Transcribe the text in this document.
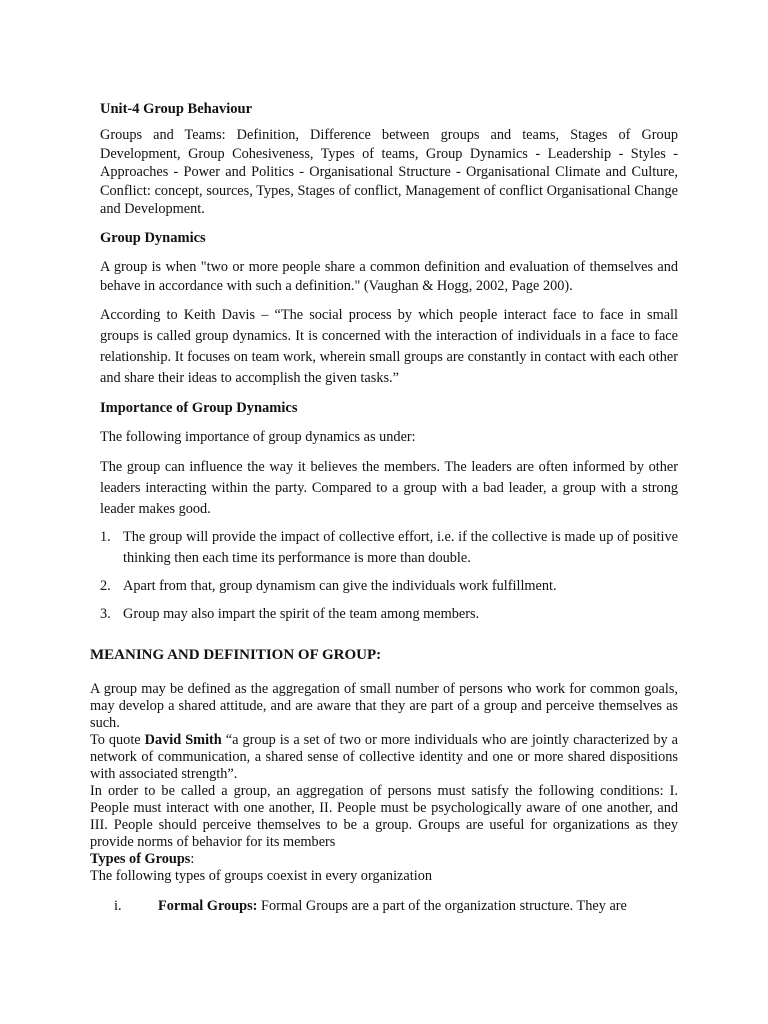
Unit-4 Group Behaviour

Groups and Teams: Definition, Difference between groups and teams, Stages of Group Development, Group Cohesiveness, Types of teams, Group Dynamics - Leadership - Styles - Approaches - Power and Politics - Organisational Structure - Organisational Climate and Culture, Conflict: concept, sources, Types, Stages of conflict, Management of conflict Organisational Change and Development.

Group Dynamics

A group is when "two or more people share a common definition and evaluation of themselves and behave in accordance with such a definition." (Vaughan & Hogg, 2002, Page 200).

According to Keith Davis – “The social process by which people interact face to face in small groups is called group dynamics. It is concerned with the interaction of individuals in a face to face relationship. It focuses on team work, wherein small groups are constantly in contact with each other and share their ideas to accomplish the given tasks.”

Importance of Group Dynamics

The following importance of group dynamics as under:

The group can influence the way it believes the members. The leaders are often informed by other leaders interacting within the party. Compared to a group with a bad leader, a group with a strong leader makes good.

1. The group will provide the impact of collective effort, i.e. if the collective is made up of positive thinking then each time its performance is more than double.

2. Apart from that, group dynamism can give the individuals work fulfillment.

3. Group may also impart the spirit of the team among members.

MEANING AND DEFINITION OF GROUP:

A group may be defined as the aggregation of small number of persons who work for common goals, may develop a shared attitude, and are aware that they are part of a group and perceive themselves as such.

To quote David Smith “a group is a set of two or more individuals who are jointly characterized by a network of communication, a shared sense of collective identity and one or more shared dispositions with associated strength”.

In order to be called a group, an aggregation of persons must satisfy the following conditions: I. People must interact with one another, II. People must be psychologically aware of one another, and III. People should perceive themselves to be a group. Groups are useful for organizations as they provide norms of behavior for its members

Types of Groups:

The following types of groups coexist in every organization

i.	Formal Groups: Formal Groups are a part of the organization structure. They are
